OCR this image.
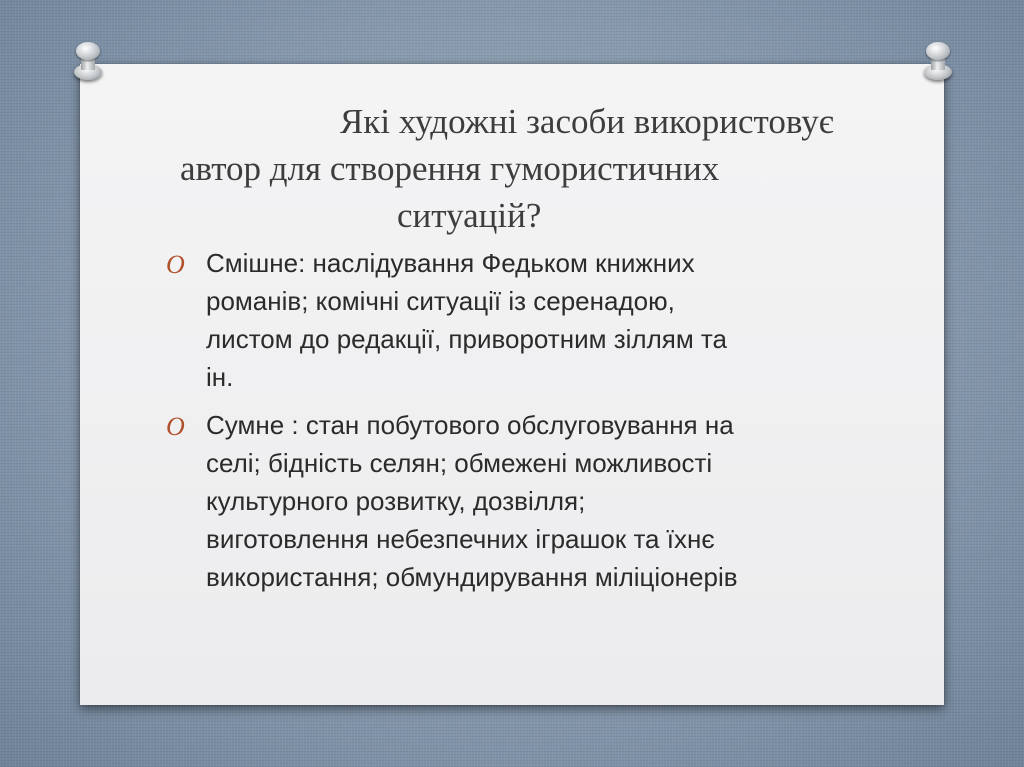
Які художні засоби використовує
автор для створення гумористичних
ситуацій?
O Смішне: наслідування Федьком книжних
романів; комічні ситуації із серенадою,
листом до редакції, приворотним зіллям та
ін.
O Сумне : стан побутового обслуговування на
селі; бідність селян; обмежені можливості
культурного розвитку, дозвілля;
виготовлення небезпечних іграшок та їхнє
використання; обмундирування міліціонерів
